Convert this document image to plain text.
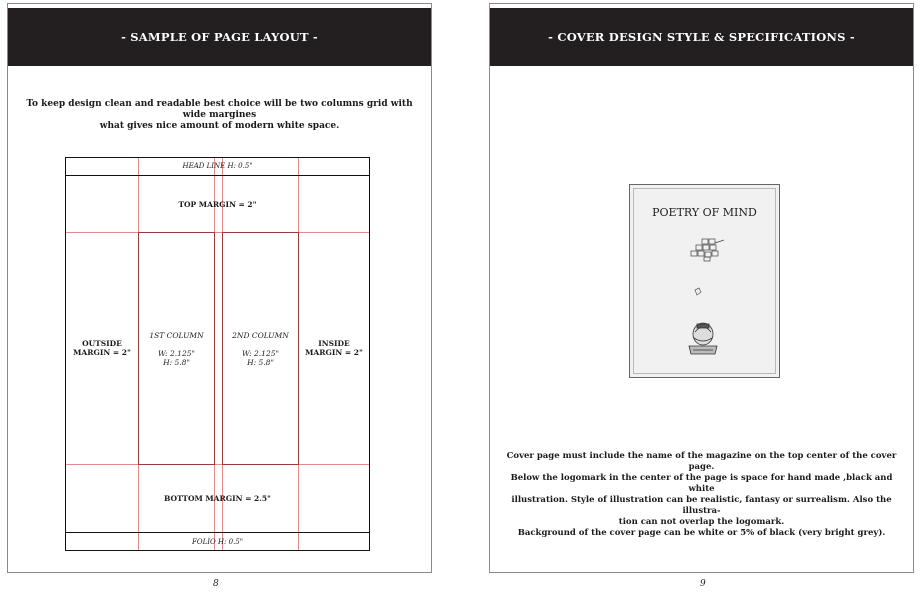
- SAMPLE OF PAGE LAYOUT -
To keep design clean and readable best choice will be two columns grid with wide margines
what gives nice amount of modern white space.
HEAD LINE H: 0.5"
TOP MARGIN = 2"
OUTSIDE
MARGIN = 2"
INSIDE
MARGIN = 2"
1ST COLUMN
W: 2.125"
H: 5.8"
2ND COLUMN
W: 2.125"
H: 5.8"
BOTTOM MARGIN = 2.5"
FOLIO H: 0.5"
8
- COVER DESIGN STYLE & SPECIFICATIONS -
POETRY OF MIND
Cover page must include the name of the magazine on the top center of the cover page.
Below the logomark in the center of the page is space for hand made ,black and white
illustration. Style of illustration can be realistic, fantasy or surrealism. Also the illustra-
tion can not overlap the logomark.
Background of the cover page can be white or 5% of black (very bright grey).
9
